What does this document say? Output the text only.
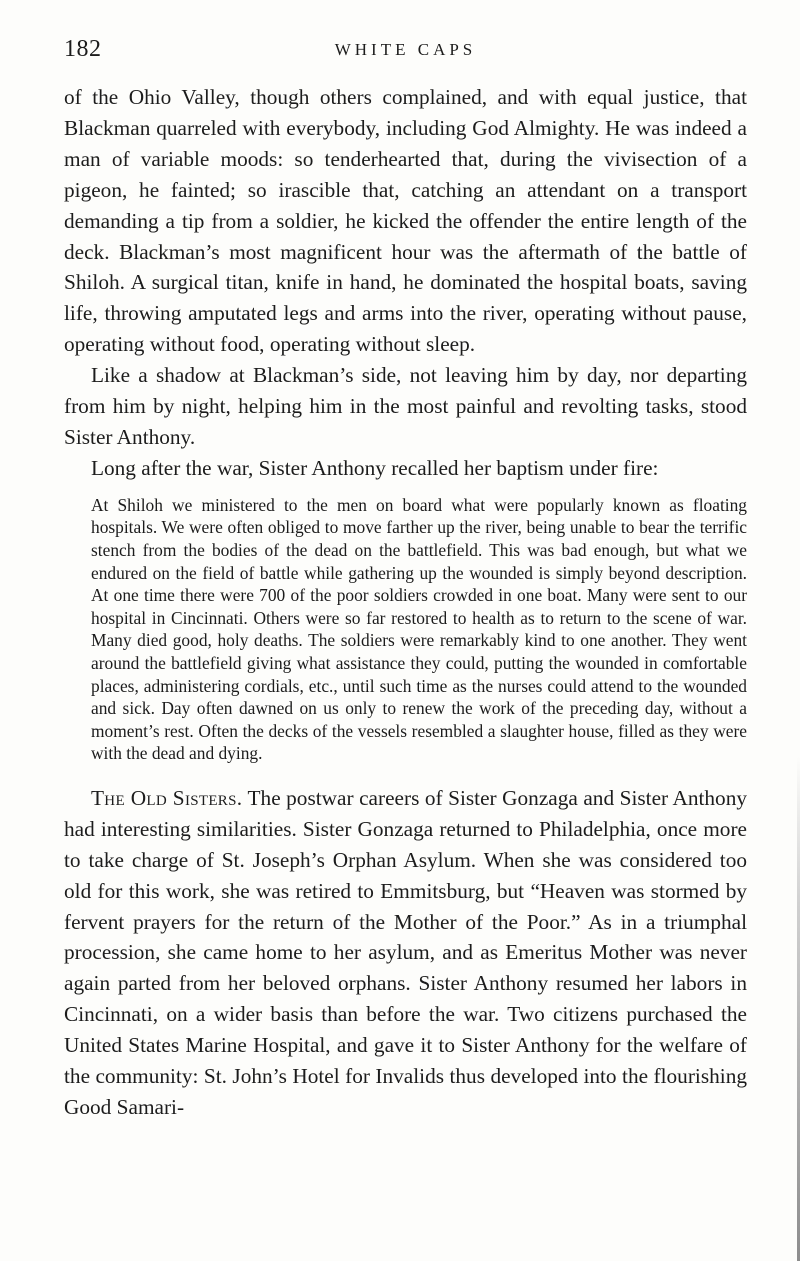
182	WHITE CAPS

of the Ohio Valley, though others complained, and with equal justice, that Blackman quarreled with everybody, including God Almighty. He was indeed a man of variable moods: so tenderhearted that, during the vivisection of a pigeon, he fainted; so irascible that, catching an attendant on a transport demanding a tip from a soldier, he kicked the offender the entire length of the deck. Blackman’s most magnificent hour was the aftermath of the battle of Shiloh. A surgical titan, knife in hand, he dominated the hospital boats, saving life, throwing amputated legs and arms into the river, operating without pause, operating without food, operating without sleep.

Like a shadow at Blackman’s side, not leaving him by day, nor departing from him by night, helping him in the most painful and revolting tasks, stood Sister Anthony.

Long after the war, Sister Anthony recalled her baptism under fire:

At Shiloh we ministered to the men on board what were popularly known as floating hospitals. We were often obliged to move farther up the river, being unable to bear the terrific stench from the bodies of the dead on the battlefield. This was bad enough, but what we endured on the field of battle while gathering up the wounded is simply beyond description. At one time there were 700 of the poor soldiers crowded in one boat. Many were sent to our hospital in Cincinnati. Others were so far restored to health as to return to the scene of war. Many died good, holy deaths. The soldiers were remarkably kind to one another. They went around the battlefield giving what assistance they could, putting the wounded in comfortable places, administering cordials, etc., until such time as the nurses could attend to the wounded and sick. Day often dawned on us only to renew the work of the preceding day, without a moment’s rest. Often the decks of the vessels resembled a slaughter house, filled as they were with the dead and dying.

The Old Sisters. The postwar careers of Sister Gonzaga and Sister Anthony had interesting similarities. Sister Gonzaga returned to Philadelphia, once more to take charge of St. Joseph’s Orphan Asylum. When she was considered too old for this work, she was retired to Emmitsburg, but “Heaven was stormed by fervent prayers for the return of the Mother of the Poor.” As in a triumphal procession, she came home to her asylum, and as Emeritus Mother was never again parted from her beloved orphans. Sister Anthony resumed her labors in Cincinnati, on a wider basis than before the war. Two citizens purchased the United States Marine Hospital, and gave it to Sister Anthony for the welfare of the community: St. John’s Hotel for Invalids thus developed into the flourishing Good Samari-
